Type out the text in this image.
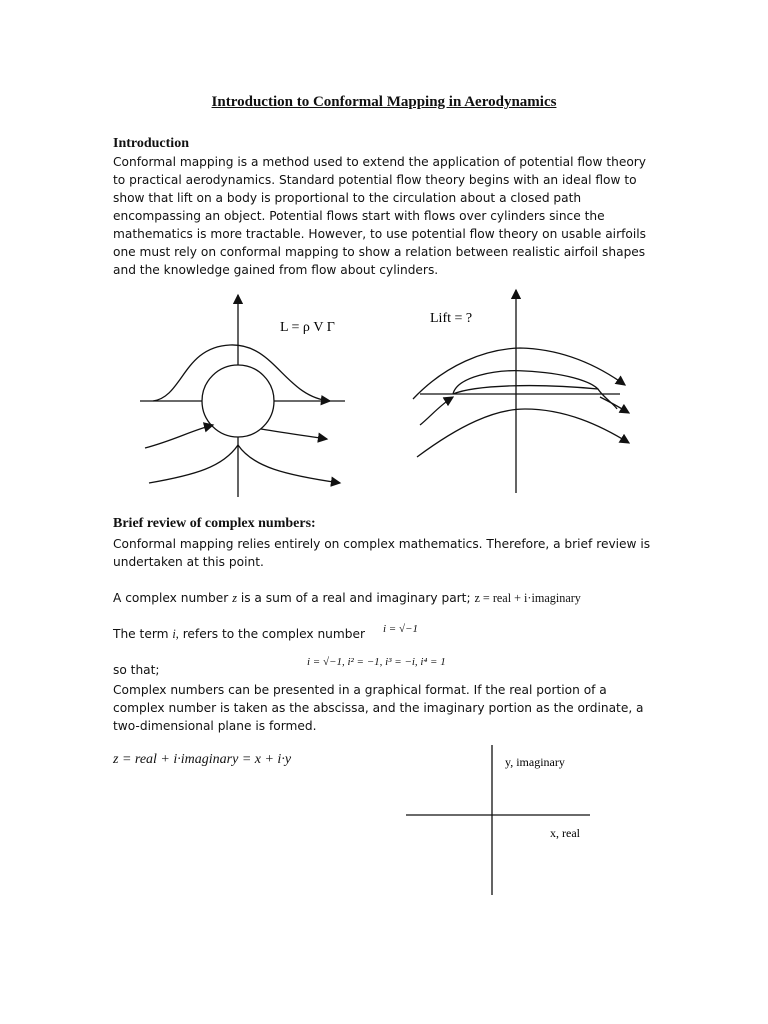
Introduction to Conformal Mapping in Aerodynamics
Introduction
Conformal mapping is a method used to extend the application of potential flow theory to practical aerodynamics. Standard potential flow theory begins with an ideal flow to show that lift on a body is proportional to the circulation about a closed path encompassing an object. Potential flows start with flows over cylinders since the mathematics is more tractable. However, to use potential flow theory on usable airfoils one must rely on conformal mapping to show a relation between realistic airfoil shapes and the knowledge gained from flow about cylinders.
L = ρ V Γ
Lift = ?
Brief review of complex numbers:
Conformal mapping relies entirely on complex mathematics. Therefore, a brief review is undertaken at this point.
A complex number z is a sum of a real and imaginary part; z = real + i·imaginary
The term i, refers to the complex number i = √−1
so that;
i = √−1, i² = −1, i³ = −i, i⁴ = 1
Complex numbers can be presented in a graphical format. If the real portion of a complex number is taken as the abscissa, and the imaginary portion as the ordinate, a two-dimensional plane is formed.
z = real + i·imaginary = x + i·y	y, imaginary
x, real
